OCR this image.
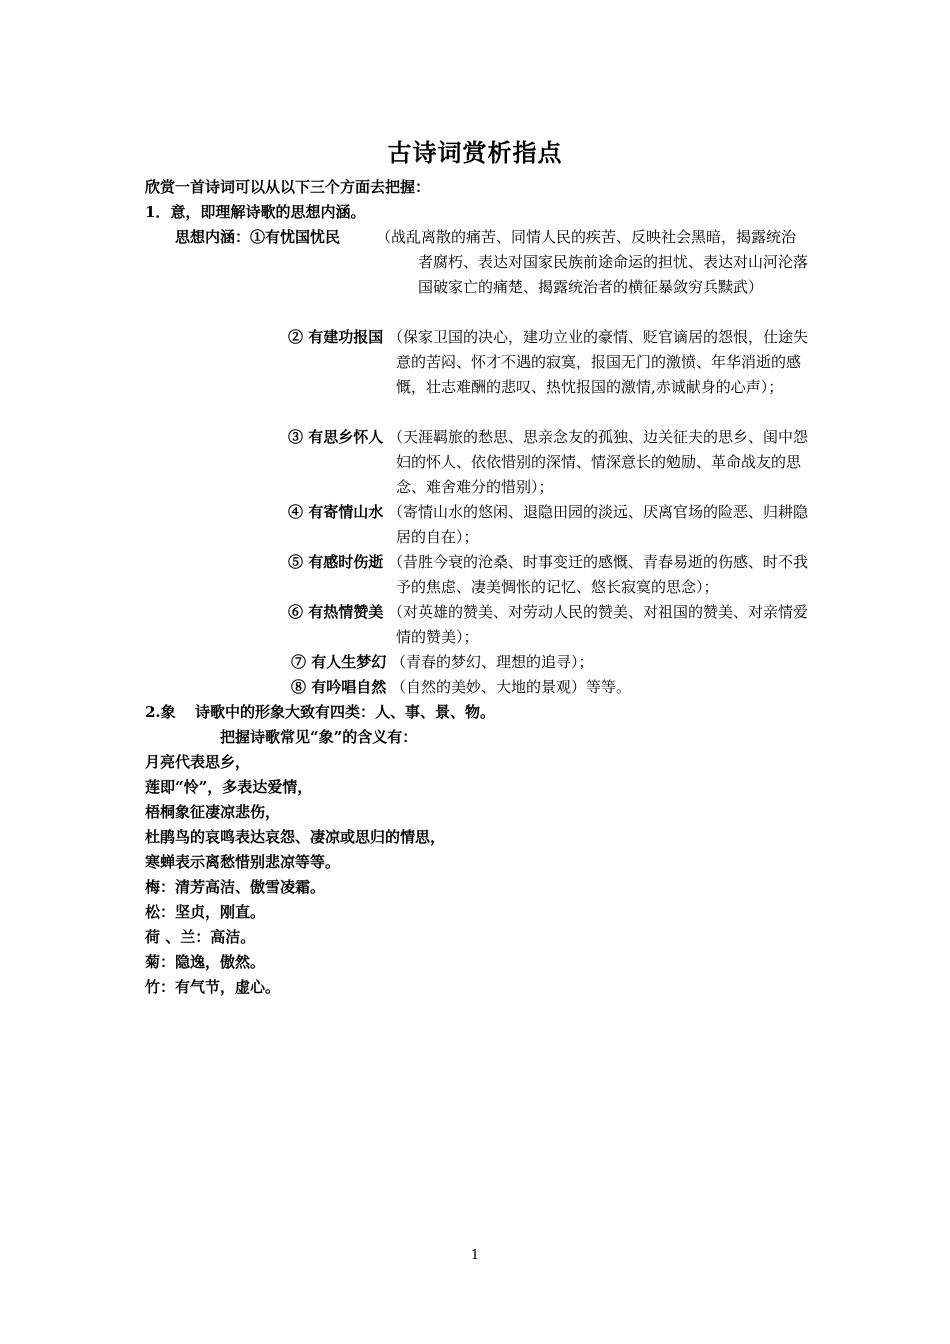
古诗词赏析指点
欣赏一首诗词可以从以下三个方面去把握：
1．意，即理解诗歌的思想内涵。
思想内涵： ①有忧国忧民 （战乱离散的痛苦、同情人民的疾苦、反映社会黑暗，揭露统治者腐朽、表达对国家民族前途命运的担忧、表达对山河沦落国破家亡的痛楚、揭露统治者的横征暴敛穷兵黩武）
② 有建功报国 （保家卫国的决心，建功立业的豪情、贬官谪居的怨恨，仕途失意的苦闷、怀才不遇的寂寞，报国无门的激愤、年华消逝的感慨，壮志难酬的悲叹、热忱报国的激情,赤诚献身的心声）；
③ 有思乡怀人 （天涯羁旅的愁思、思亲念友的孤独、边关征夫的思乡、闺中怨妇的怀人、依依惜别的深情、情深意长的勉励、革命战友的思念、难舍难分的惜别）；
④ 有寄情山水 （寄情山水的悠闲、退隐田园的淡远、厌离官场的险恶、归耕隐居的自在）；
⑤ 有感时伤逝 （昔胜今衰的沧桑、时事变迁的感慨、青春易逝的伤感、时不我予的焦虑、凄美惆怅的记忆、悠长寂寞的思念）；
⑥ 有热情赞美 （对英雄的赞美、对劳动人民的赞美、对祖国的赞美、对亲情爱情的赞美）；
⑦ 有人生梦幻 （青春的梦幻、理想的追寻）；
⑧ 有吟唱自然 （自然的美妙、大地的景观）等等。
2.象 诗歌中的形象大致有四类：人、事、景、物。
把握诗歌常见“象”的含义有：
月亮代表思乡，
莲即“怜”，多表达爱情，
梧桐象征凄凉悲伤，
杜鹃鸟的哀鸣表达哀怨、凄凉或思归的情思，
寒蝉表示离愁惜别悲凉等等。
梅：清芳高洁、傲雪凌霜。
松：坚贞，刚直。
荷 、兰：高洁。
菊：隐逸，傲然。
竹：有气节，虚心。
1
